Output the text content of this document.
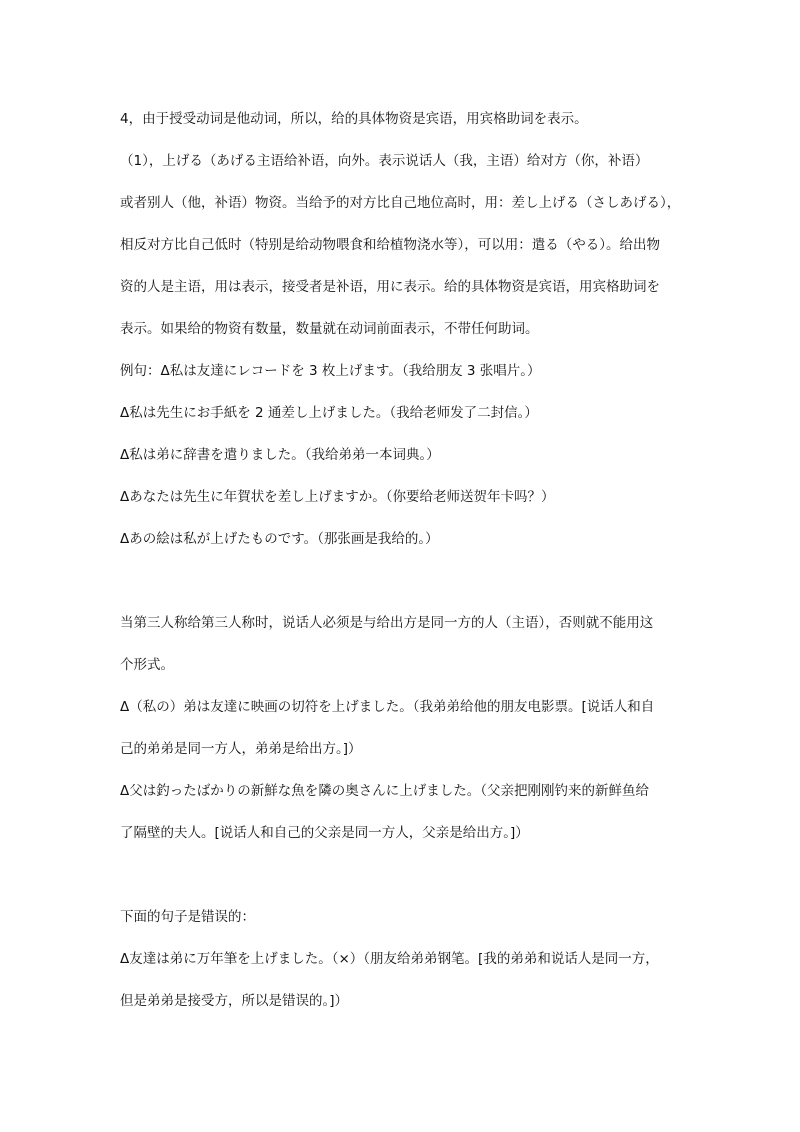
4，由于授受动词是他动词，所以，给的具体物资是宾语，用宾格助词を表示。
（1），上げる（あげる主语给补语，向外。表示说话人（我，主语）给对方（你，补语）
或者别人（他，补语）物资。当给予的对方比自己地位高时，用：差し上げる（さしあげる），
相反对方比自己低时（特别是给动物喂食和给植物浇水等），可以用：遣る（やる）。给出物
资的人是主语，用は表示，接受者是补语，用に表示。给的具体物资是宾语，用宾格助词を
表示。如果给的物资有数量，数量就在动词前面表示，不带任何助词。
例句：Δ私は友達にレコードを 3 枚上げます。（我给朋友 3 张唱片。）
Δ私は先生にお手紙を 2 通差し上げました。（我给老师发了二封信。）
Δ私は弟に辞書を遣りました。（我给弟弟一本词典。）
Δあなたは先生に年賀状を差し上げますか。（你要给老师送贺年卡吗？）
Δあの絵は私が上げたものです。（那张画是我给的。）
当第三人称给第三人称时，说话人必须是与给出方是同一方的人（主语），否则就不能用这
个形式。
Δ（私の）弟は友達に映画の切符を上げました。（我弟弟给他的朋友电影票。[说话人和自
己的弟弟是同一方人，弟弟是给出方。]）
Δ父は釣ったばかりの新鮮な魚を隣の奥さんに上げました。（父亲把刚刚钓来的新鲜鱼给
了隔壁的夫人。[说话人和自己的父亲是同一方人，父亲是给出方。]）
下面的句子是错误的：
Δ友達は弟に万年筆を上げました。（×）（朋友给弟弟钢笔。[我的弟弟和说话人是同一方，
但是弟弟是接受方，所以是错误的。]）
